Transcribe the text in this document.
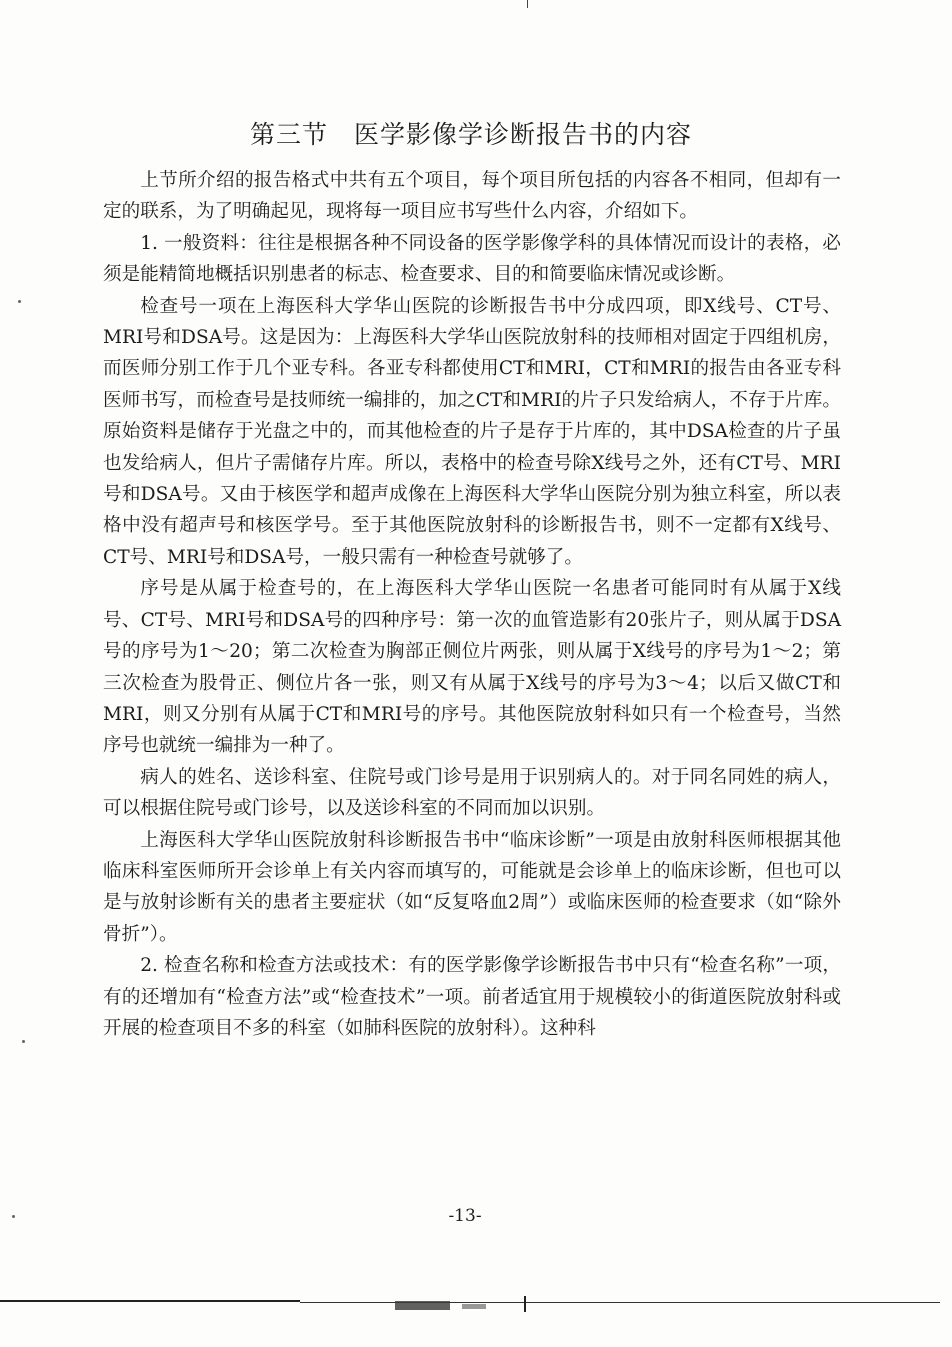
第三节　医学影像学诊断报告书的内容

上节所介绍的报告格式中共有五个项目，每个项目所包括的内容各不相同，但却有一定的联系，为了明确起见，现将每一项目应书写些什么内容，介绍如下。

1. 一般资料：往往是根据各种不同设备的医学影像学科的具体情况而设计的表格，必须是能精简地概括识别患者的标志、检查要求、目的和简要临床情况或诊断。

检查号一项在上海医科大学华山医院的诊断报告书中分成四项，即X线号、CT号、MRI号和DSA号。这是因为：上海医科大学华山医院放射科的技师相对固定于四组机房，而医师分别工作于几个亚专科。各亚专科都使用CT和MRI，CT和MRI的报告由各亚专科医师书写，而检查号是技师统一编排的，加之CT和MRI的片子只发给病人，不存于片库。原始资料是储存于光盘之中的，而其他检查的片子是存于片库的，其中DSA检查的片子虽也发给病人，但片子需储存片库。所以，表格中的检查号除X线号之外，还有CT号、MRI号和DSA号。又由于核医学和超声成像在上海医科大学华山医院分别为独立科室，所以表格中没有超声号和核医学号。至于其他医院放射科的诊断报告书，则不一定都有X线号、CT号、MRI号和DSA号，一般只需有一种检查号就够了。

序号是从属于检查号的，在上海医科大学华山医院一名患者可能同时有从属于X线号、CT号、MRI号和DSA号的四种序号：第一次的血管造影有20张片子，则从属于DSA号的序号为1～20；第二次检查为胸部正侧位片两张，则从属于X线号的序号为1～2；第三次检查为股骨正、侧位片各一张，则又有从属于X线号的序号为3～4；以后又做CT和MRI，则又分别有从属于CT和MRI号的序号。其他医院放射科如只有一个检查号，当然序号也就统一编排为一种了。

病人的姓名、送诊科室、住院号或门诊号是用于识别病人的。对于同名同姓的病人，可以根据住院号或门诊号，以及送诊科室的不同而加以识别。

上海医科大学华山医院放射科诊断报告书中“临床诊断”一项是由放射科医师根据其他临床科室医师所开会诊单上有关内容而填写的，可能就是会诊单上的临床诊断，但也可以是与放射诊断有关的患者主要症状（如“反复咯血2周”）或临床医师的检查要求（如“除外骨折”）。

2. 检查名称和检查方法或技术：有的医学影像学诊断报告书中只有“检查名称”一项，有的还增加有“检查方法”或“检查技术”一项。前者适宜用于规模较小的街道医院放射科或开展的检查项目不多的科室（如肺科医院的放射科）。这种科

-13-
